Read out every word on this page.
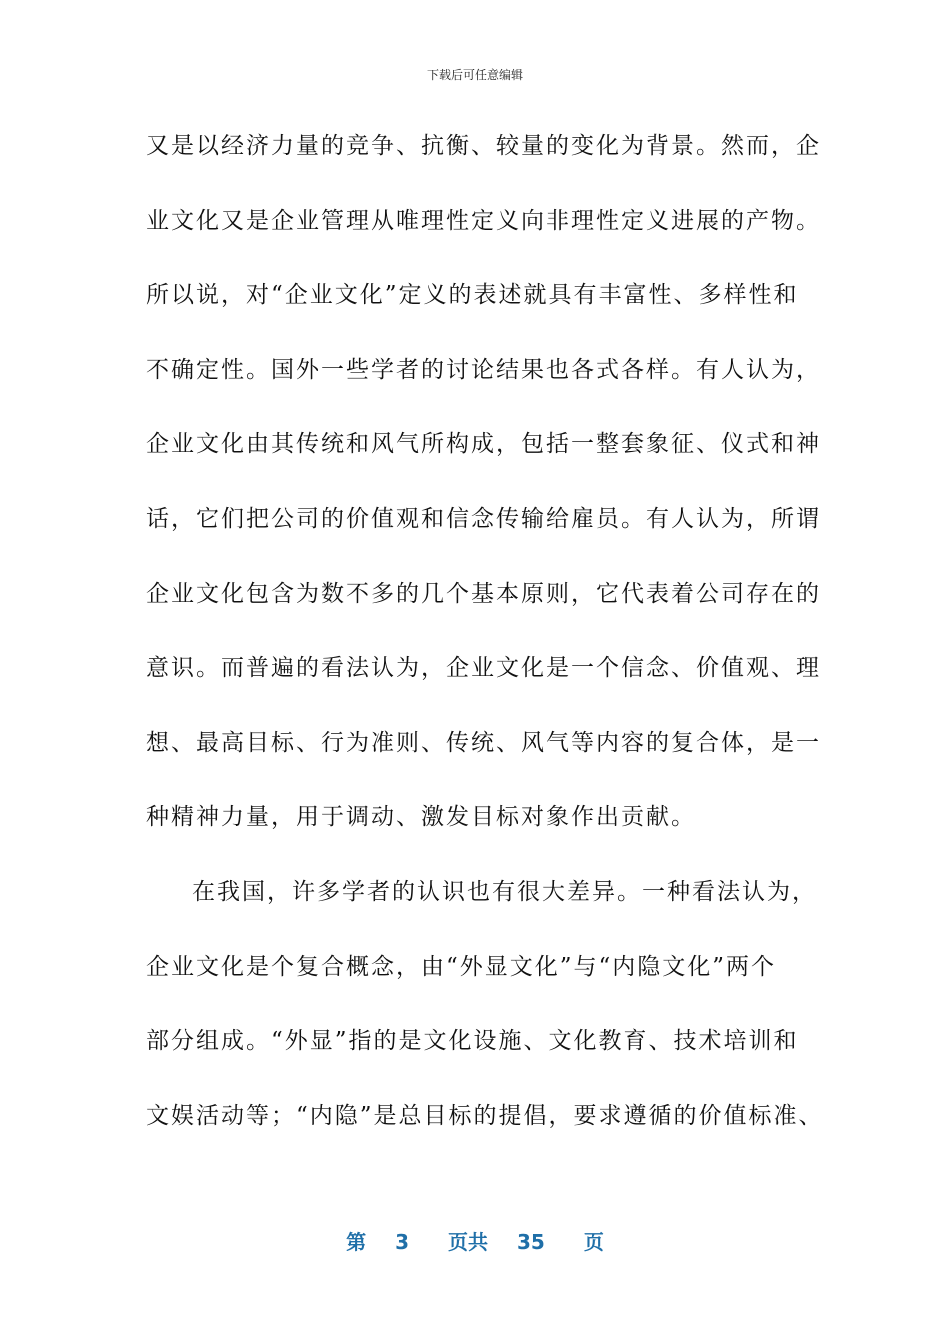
下载后可任意编辑
又是以经济力量的竞争、抗衡、较量的变化为背景。然而，企
业文化又是企业管理从唯理性定义向非理性定义进展的产物。
所以说，对“企业文化”定义的表述就具有丰富性、多样性和
不确定性。国外一些学者的讨论结果也各式各样。有人认为，
企业文化由其传统和风气所构成，包括一整套象征、仪式和神
话，它们把公司的价值观和信念传输给雇员。有人认为，所谓
企业文化包含为数不多的几个基本原则，它代表着公司存在的
意识。而普遍的看法认为，企业文化是一个信念、价值观、理
想、最高目标、行为准则、传统、风气等内容的复合体，是一
种精神力量，用于调动、激发目标对象作出贡献。
在我国，许多学者的认识也有很大差异。一种看法认为，
企业文化是个复合概念，由“外显文化”与“内隐文化”两个
部分组成。“外显”指的是文化设施、文化教育、技术培训和
文娱活动等；“内隐”是总目标的提倡，要求遵循的价值标准、
第 3 页共 35 页
